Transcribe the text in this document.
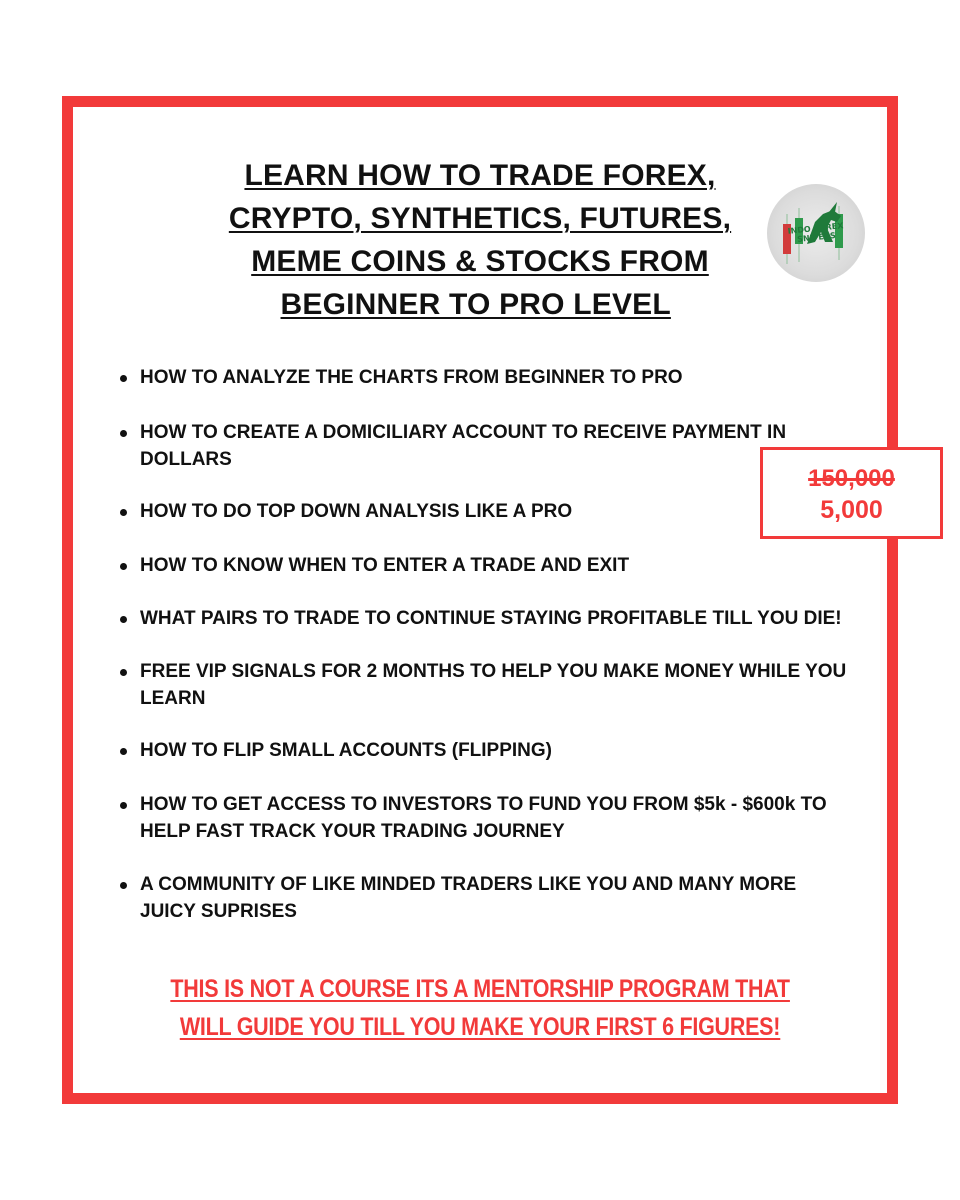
LEARN HOW TO TRADE FOREX,
CRYPTO, SYNTHETICS, FUTURES,
MEME COINS & STOCKS FROM
BEGINNER TO PRO LEVEL
INDO FOREX SNIPERS
HOW TO ANALYZE THE CHARTS FROM BEGINNER TO PRO
HOW TO CREATE A DOMICILIARY ACCOUNT TO RECEIVE PAYMENT IN DOLLARS
HOW TO DO TOP DOWN ANALYSIS LIKE A PRO
HOW TO KNOW WHEN TO ENTER A TRADE AND EXIT
WHAT PAIRS TO TRADE TO CONTINUE STAYING PROFITABLE TILL YOU DIE!
FREE VIP SIGNALS FOR 2 MONTHS TO HELP YOU MAKE MONEY WHILE YOU LEARN
HOW TO FLIP SMALL ACCOUNTS (FLIPPING)
HOW TO GET ACCESS TO INVESTORS TO FUND YOU FROM $5k - $600k TO HELP FAST TRACK YOUR TRADING JOURNEY
A COMMUNITY OF LIKE MINDED TRADERS LIKE YOU AND MANY MORE JUICY SUPRISES
150,000
5,000
THIS IS NOT A COURSE ITS A MENTORSHIP PROGRAM THAT
WILL GUIDE YOU TILL YOU MAKE YOUR FIRST 6 FIGURES!
